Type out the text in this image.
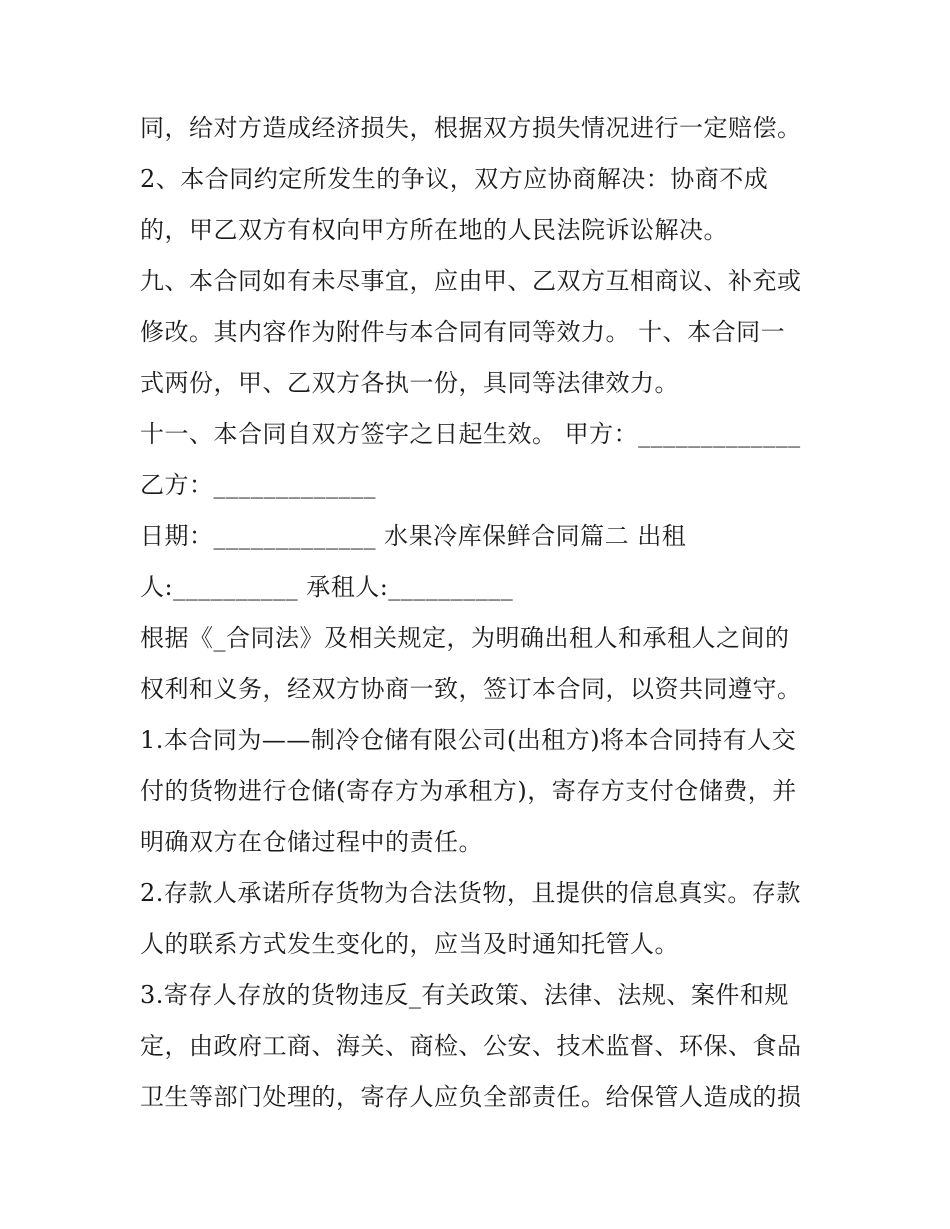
同，给对方造成经济损失，根据双方损失情况进行一定赔偿。
2、本合同约定所发生的争议，双方应协商解决：协商不成
的，甲乙双方有权向甲方所在地的人民法院诉讼解决。
九、本合同如有未尽事宜，应由甲、乙双方互相商议、补充或
修改。其内容作为附件与本合同有同等效力。 十、本合同一
式两份，甲、乙双方各执一份，具同等法律效力。
十一、本合同自双方签字之日起生效。 甲方：_____________
乙方：_____________
日期：_____________ 水果冷库保鲜合同篇二 出租
人:__________ 承租人:__________
根据《_合同法》及相关规定，为明确出租人和承租人之间的
权利和义务，经双方协商一致，签订本合同，以资共同遵守。
1.本合同为——制冷仓储有限公司(出租方)将本合同持有人交
付的货物进行仓储(寄存方为承租方)，寄存方支付仓储费，并
明确双方在仓储过程中的责任。
2.存款人承诺所存货物为合法货物，且提供的信息真实。存款
人的联系方式发生变化的，应当及时通知托管人。
3.寄存人存放的货物违反_有关政策、法律、法规、案件和规
定，由政府工商、海关、商检、公安、技术监督、环保、食品
卫生等部门处理的，寄存人应负全部责任。给保管人造成的损
